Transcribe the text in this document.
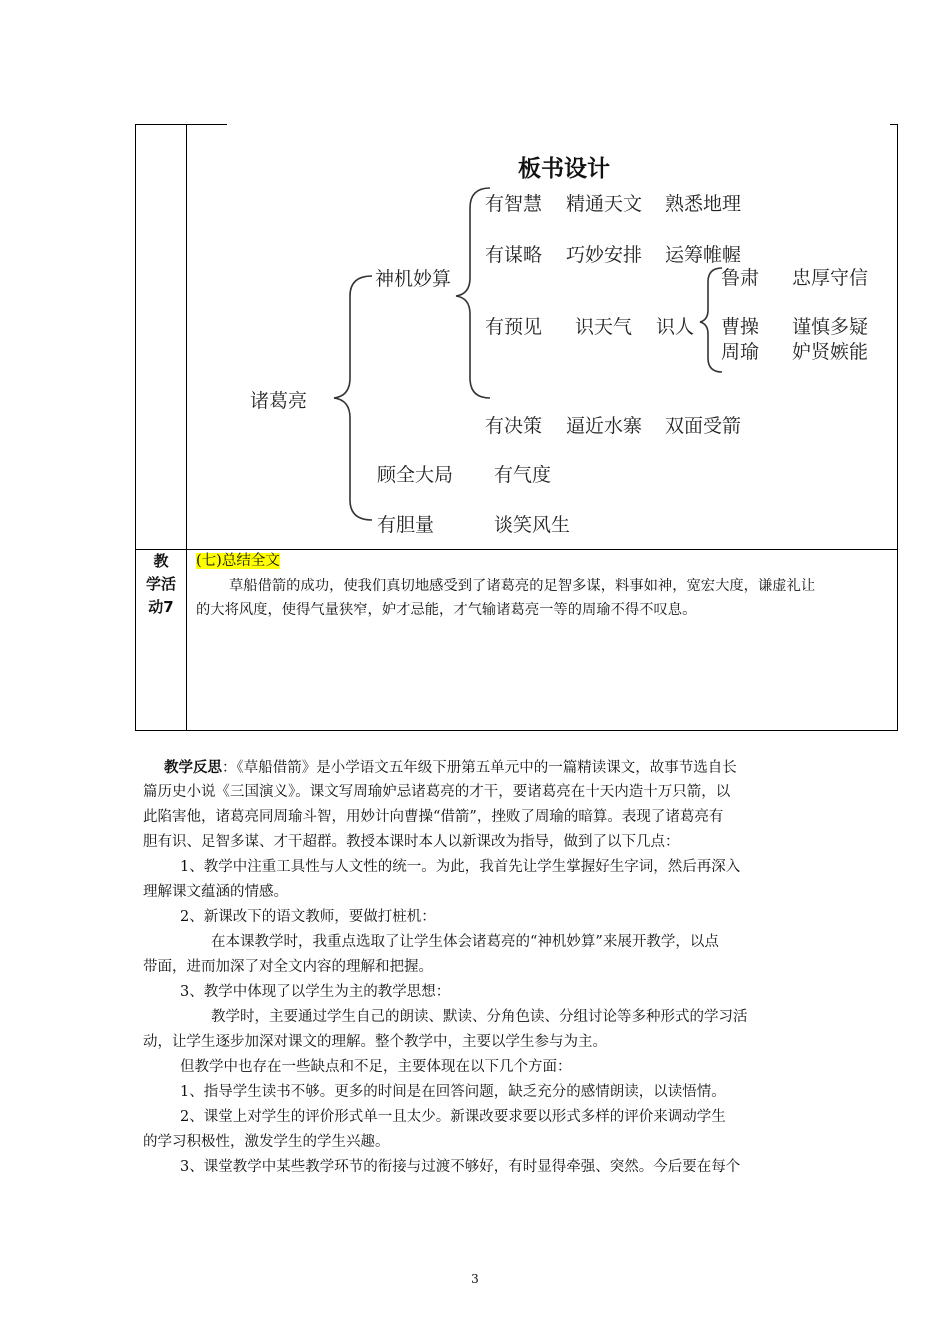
板书设计
诸葛亮
神机妙算
有智慧 精通天文 熟悉地理
有谋略 巧妙安排 运筹帷幄
有预见 识天气 识人
有决策 逼近水寨 双面受箭
鲁肃 忠厚守信
曹操 谨慎多疑
周瑜 妒贤嫉能
顾全大局 有气度
有胆量	谈笑风生
教
学活
动7
(七)总结全文
草船借箭的成功，使我们真切地感受到了诸葛亮的足智多谋，料事如神，宽宏大度，谦虚礼让
的大将风度，使得气量狭窄，妒才忌能，才气输诸葛亮一等的周瑜不得不叹息。
教学反思：《草船借箭》是小学语文五年级下册第五单元中的一篇精读课文，故事节选自长
篇历史小说《三国演义》。课文写周瑜妒忌诸葛亮的才干，要诸葛亮在十天内造十万只箭，以
此陷害他，诸葛亮同周瑜斗智，用妙计向曹操“借箭”，挫败了周瑜的暗算。表现了诸葛亮有
胆有识、足智多谋、才干超群。教授本课时本人以新课改为指导，做到了以下几点：
1、教学中注重工具性与人文性的统一。为此，我首先让学生掌握好生字词，然后再深入
理解课文蕴涵的情感。
2、新课改下的语文教师，要做打桩机：
在本课教学时，我重点选取了让学生体会诸葛亮的“神机妙算”来展开教学，以点
带面，进而加深了对全文内容的理解和把握。
3、教学中体现了以学生为主的教学思想：
教学时，主要通过学生自己的朗读、默读、分角色读、分组讨论等多种形式的学习活
动，让学生逐步加深对课文的理解。整个教学中，主要以学生参与为主。
但教学中也存在一些缺点和不足，主要体现在以下几个方面：
1、指导学生读书不够。更多的时间是在回答问题，缺乏充分的感情朗读，以读悟情。
2、课堂上对学生的评价形式单一且太少。新课改要求要以形式多样的评价来调动学生
的学习积极性，激发学生的学生兴趣。
3、课堂教学中某些教学环节的衔接与过渡不够好，有时显得牵强、突然。今后要在每个
3
